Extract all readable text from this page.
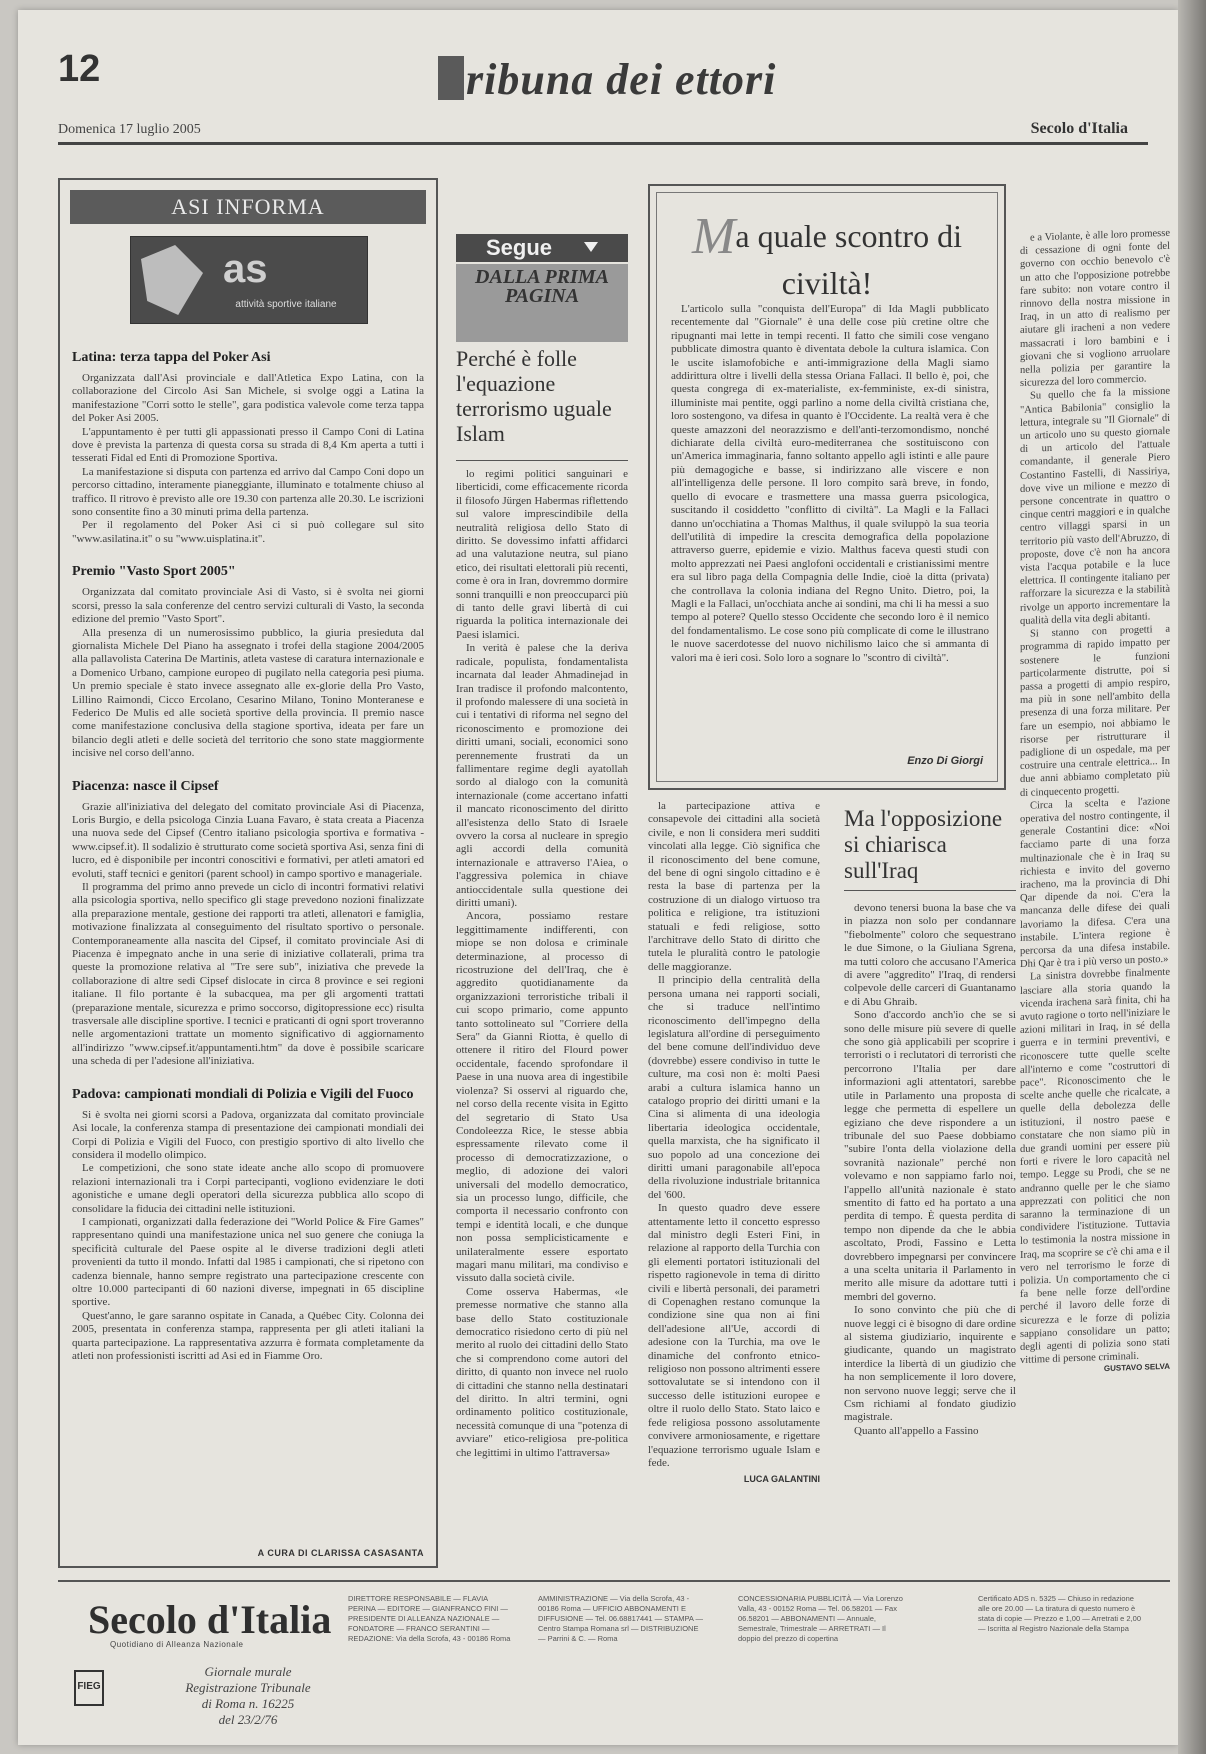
12	ribuna dei ettori
Domenica 17 luglio 2005	Secolo d'Italia
ASI INFORMA
as
attività sportive italiane
Latina: terza tappa del Poker Asi

Organizzata dall'Asi provinciale e dall'Atletica Expo Latina, con la collaborazione del Circolo Asi San Michele, si svolge oggi a Latina la manifestazione "Corri sotto le stelle", gara podistica valevole come terza tappa del Poker Asi 2005.

L'appuntamento è per tutti gli appassionati presso il Campo Coni di Latina dove è prevista la partenza di questa corsa su strada di 8,4 Km aperta a tutti i tesserati Fidal ed Enti di Promozione Sportiva.

La manifestazione si disputa con partenza ed arrivo dal Campo Coni dopo un percorso cittadino, interamente pianeggiante, illuminato e totalmente chiuso al traffico. Il ritrovo è previsto alle ore 19.30 con partenza alle 20.30. Le iscrizioni sono consentite fino a 30 minuti prima della partenza.

Per il regolamento del Poker Asi ci si può collegare sul sito "www.asilatina.it" o su "www.uisplatina.it".

Premio "Vasto Sport 2005"

Organizzata dal comitato provinciale Asi di Vasto, si è svolta nei giorni scorsi, presso la sala conferenze del centro servizi culturali di Vasto, la seconda edizione del premio "Vasto Sport".

Alla presenza di un numerosissimo pubblico, la giuria presieduta dal giornalista Michele Del Piano ha assegnato i trofei della stagione 2004/2005 alla pallavolista Caterina De Martinis, atleta vastese di caratura internazionale e a Domenico Urbano, campione europeo di pugilato nella categoria pesi piuma. Un premio speciale è stato invece assegnato alle ex-glorie della Pro Vasto, Lillino Raimondi, Cicco Ercolano, Cesarino Milano, Tonino Monteranese e Federico De Mulis ed alle società sportive della provincia. Il premio nasce come manifestazione conclusiva della stagione sportiva, ideata per fare un bilancio degli atleti e delle società del territorio che sono state maggiormente incisive nel corso dell'anno.

Piacenza: nasce il Cipsef

Grazie all'iniziativa del delegato del comitato provinciale Asi di Piacenza, Loris Burgio, e della psicologa Cinzia Luana Favaro, è stata creata a Piacenza una nuova sede del Cipsef (Centro italiano psicologia sportiva e formativa - www.cipsef.it). Il sodalizio è strutturato come società sportiva Asi, senza fini di lucro, ed è disponibile per incontri conoscitivi e formativi, per atleti amatori ed evoluti, staff tecnici e genitori (parent school) in campo sportivo e manageriale.

Il programma del primo anno prevede un ciclo di incontri formativi relativi alla psicologia sportiva, nello specifico gli stage prevedono nozioni finalizzate alla preparazione mentale, gestione dei rapporti tra atleti, allenatori e famiglia, motivazione finalizzata al conseguimento del risultato sportivo o personale. Contemporaneamente alla nascita del Cipsef, il comitato provinciale Asi di Piacenza è impegnato anche in una serie di iniziative collaterali, prima tra queste la promozione relativa al "Tre sere sub", iniziativa che prevede la collaborazione di altre sedi Cipsef dislocate in circa 8 province e sei regioni italiane. Il filo portante è la subacquea, ma per gli argomenti trattati (preparazione mentale, sicurezza e primo soccorso, digitopressione ecc) risulta trasversale alle discipline sportive. I tecnici e praticanti di ogni sport troveranno nelle argomentazioni trattate un momento significativo di aggiornamento all'indirizzo "www.cipsef.it/appuntamenti.htm" da dove è possibile scaricare una scheda di per l'adesione all'iniziativa.

Padova: campionati mondiali di Polizia e Vigili del Fuoco

Si è svolta nei giorni scorsi a Padova, organizzata dal comitato provinciale Asi locale, la conferenza stampa di presentazione dei campionati mondiali dei Corpi di Polizia e Vigili del Fuoco, con prestigio sportivo di alto livello che considera il modello olimpico.

Le competizioni, che sono state ideate anche allo scopo di promuovere relazioni internazionali tra i Corpi partecipanti, vogliono evidenziare le doti agonistiche e umane degli operatori della sicurezza pubblica allo scopo di consolidare la fiducia dei cittadini nelle istituzioni.

I campionati, organizzati dalla federazione dei "World Police & Fire Games" rappresentano quindi una manifestazione unica nel suo genere che coniuga la specificità culturale del Paese ospite al le diverse tradizioni degli atleti provenienti da tutto il mondo. Infatti dal 1985 i campionati, che si ripetono con cadenza biennale, hanno sempre registrato una partecipazione crescente con oltre 10.000 partecipanti di 60 nazioni diverse, impegnati in 65 discipline sportive.

Quest'anno, le gare saranno ospitate in Canada, a Québec City. Colonna dei 2005, presentata in conferenza stampa, rappresenta per gli atleti italiani la quarta partecipazione. La rappresentativa azzurra è formata completamente da atleti non professionisti iscritti ad Asi ed in Fiamme Oro.

A CURA DI CLARISSA CASASANTA
Segue
DALLA PRIMA PAGINA
Perché è folle l'equazione terrorismo uguale Islam

lo regimi politici sanguinari e liberticidi, come efficacemente ricorda il filosofo Jürgen Habermas riflettendo sul valore imprescindibile della neutralità religiosa dello Stato di diritto. Se dovessimo infatti affidarci ad una valutazione neutra, sul piano etico, dei risultati elettorali più recenti, come è ora in Iran, dovremmo dormire sonni tranquilli e non preoccuparci più di tanto delle gravi libertà di cui riguarda la politica internazionale dei Paesi islamici.

In verità è palese che la deriva radicale, populista, fondamentalista incarnata dal leader Ahmadinejad in Iran tradisce il profondo malcontento, il profondo malessere di una società in cui i tentativi di riforma nel segno del riconoscimento e promozione dei diritti umani, sociali, economici sono perennemente frustrati da un fallimentare regime degli ayatollah sordo al dialogo con la comunità internazionale (come accertano infatti il mancato riconoscimento del diritto all'esistenza dello Stato di Israele ovvero la corsa al nucleare in spregio agli accordi della comunità internazionale e attraverso l'Aiea, o l'aggressiva polemica in chiave antioccidentale sulla questione dei diritti umani).

Ancora, possiamo restare leggittimamente indifferenti, con miope se non dolosa e criminale determinazione, al processo di ricostruzione del dell'Iraq, che è aggredito quotidianamente da organizzazioni terroristiche tribali il cui scopo primario, come appunto tanto sottolineato sul "Corriere della Sera" da Gianni Riotta, è quello di ottenere il ritiro del Flourd power occidentale, facendo sprofondare il Paese in una nuova area di ingestibile violenza? Si osservi al riguardo che, nel corso della recente visita in Egitto del segretario di Stato Usa Condoleezza Rice, le stesse abbia espressamente rilevato come il processo di democratizzazione, o meglio, di adozione dei valori universali del modello democratico, sia un processo lungo, difficile, che comporta il necessario confronto con tempi e identità locali, e che dunque non possa semplicisticamente e unilateralmente essere esportato magari manu militari, ma condiviso e vissuto dalla società civile.

Come osserva Habermas, «le premesse normative che stanno alla base dello Stato costituzionale democratico risiedono certo di più nel merito al ruolo dei cittadini dello Stato che si comprendono come autori del diritto, di quanto non invece nel ruolo di cittadini che stanno nella destinatari del diritto. In altri termini, ogni ordinamento politico costituzionale, necessità comunque di una "potenza di avviare" etico-religiosa pre-politica che legittimi in ultimo l'attraversa»

Ma quale scontro di civiltà!

L'articolo sulla "conquista dell'Europa" di Ida Magli pubblicato recentemente dal "Giornale" è una delle cose più cretine oltre che ripugnanti mai lette in tempi recenti. Il fatto che simili cose vengano pubblicate dimostra quanto è diventata debole la cultura islamica. Con le uscite islamofobiche e anti-immigrazione della Magli siamo addirittura oltre i livelli della stessa Oriana Fallaci. Il bello è, poi, che questa congrega di ex-materialiste, ex-femministe, ex-di sinistra, illuministe mai pentite, oggi parlino a nome della civiltà cristiana che, loro sostengono, va difesa in quanto è l'Occidente. La realtà vera è che queste amazzoni del neorazzismo e dell'anti-terzomondismo, nonché dichiarate della civiltà euro-mediterranea che sostituiscono con un'America immaginaria, fanno soltanto appello agli istinti e alle paure più demagogiche e basse, si indirizzano alle viscere e non all'intelligenza delle persone. Il loro compito sarà breve, in fondo, quello di evocare e trasmettere una massa guerra psicologica, suscitando il cosiddetto "conflitto di civiltà". La Magli e la Fallaci danno un'occhiatina a Thomas Malthus, il quale sviluppò la sua teoria dell'utilità di impedire la crescita demografica della popolazione attraverso guerre, epidemie e vizio. Malthus faceva questi studi con molto apprezzati nei Paesi anglofoni occidentali e cristianissimi mentre era sul libro paga della Compagnia delle Indie, cioè la ditta (privata) che controllava la colonia indiana del Regno Unito. Dietro, poi, la Magli e la Fallaci, un'occhiata anche ai sondini, ma chi li ha messi a suo tempo al potere? Quello stesso Occidente che secondo loro è il nemico del fondamentalismo. Le cose sono più complicate di come le illustrano le nuove sacerdotesse del nuovo nichilismo laico che si ammanta di valori ma è ieri così. Solo loro a sognare lo "scontro di civiltà".

Enzo Di Giorgi

la partecipazione attiva e consapevole dei cittadini alla società civile, e non li considera meri sudditi vincolati alla legge. Ciò significa che il riconoscimento del bene comune, del bene di ogni singolo cittadino e è resta la base di partenza per la costruzione di un dialogo virtuoso tra politica e religione, tra istituzioni statuali e fedi religiose, sotto l'architrave dello Stato di diritto che tutela le pluralità contro le patologie delle maggioranze.

Il principio della centralità della persona umana nei rapporti sociali, che si traduce nell'intimo riconoscimento dell'impegno della legislatura all'ordine di perseguimento del bene comune dell'individuo deve (dovrebbe) essere condiviso in tutte le culture, ma così non è: molti Paesi arabi a cultura islamica hanno un catalogo proprio dei diritti umani e la Cina si alimenta di una ideologia libertaria ideologica occidentale, quella marxista, che ha significato il suo popolo ad una concezione dei diritti umani paragonabile all'epoca della rivoluzione industriale britannica del '600.

In questo quadro deve essere attentamente letto il concetto espresso dal ministro degli Esteri Fini, in relazione al rapporto della Turchia con gli elementi portatori istituzionali del rispetto ragionevole in tema di diritto civili e libertà personali, dei parametri di Copenaghen restano comunque la condizione sine qua non ai fini dell'adesione all'Ue, accordi di adesione con la Turchia, ma ove le dinamiche del confronto etnico-religioso non possono altrimenti essere sottovalutate se si intendono con il successo delle istituzioni europee e oltre il ruolo dello Stato. Stato laico e fede religiosa possono assolutamente convivere armoniosamente, e rigettare l'equazione terrorismo uguale Islam e fede.

LUCA GALANTINI

Ma l'opposizione si chiarisca sull'Iraq

devono tenersi buona la base che va in piazza non solo per condannare "fiebolmente" coloro che sequestrano le due Simone, o la Giuliana Sgrena, ma tutti coloro che accusano l'America di avere "aggredito" l'Iraq, di rendersi colpevole delle carceri di Guantanamo e di Abu Ghraib.

Sono d'accordo anch'io che se si sono delle misure più severe di quelle che sono già applicabili per scoprire i terroristi o i reclutatori di terroristi che percorrono l'Italia per dare informazioni agli attentatori, sarebbe utile in Parlamento una proposta di legge che permetta di espellere un egiziano che deve rispondere a un tribunale del suo Paese dobbiamo "subire l'onta della violazione della sovranità nazionale" perché non volevamo e non sappiamo farlo noi, l'appello all'unità nazionale è stato smentito di fatto ed ha portato a una perdita di tempo. È questa perdita di tempo non dipende da che le abbia ascoltato, Prodi, Fassino e Letta dovrebbero impegnarsi per convincere a una scelta unitaria il Parlamento in merito alle misure da adottare tutti i membri del governo.

Io sono convinto che più che di nuove leggi ci è bisogno di dare ordine al sistema giudiziario, inquirente e giudicante, quando un magistrato interdice la libertà di un giudizio che ha non semplicemente il loro dovere, non servono nuove leggi; serve che il Csm richiami al fondato giudizio magistrale.

Quanto all'appello a Fassino

e a Violante, è alle loro promesse di cessazione di ogni fonte del governo con occhio benevolo c'è un atto che l'opposizione potrebbe fare subito: non votare contro il rinnovo della nostra missione in Iraq, in un atto di realismo per aiutare gli iracheni a non vedere massacrati i loro bambini e i giovani che si vogliono arruolare nella polizia per garantire la sicurezza del loro commercio.

Su quello che fa la missione "Antica Babilonia" consiglio la lettura, integrale su "Il Giornale" di un articolo uno su questo giornale di un articolo del l'attuale comandante, il generale Piero Costantino Fastelli, di Nassiriya, dove vive un milione e mezzo di persone concentrate in quattro o cinque centri maggiori e in qualche centro villaggi sparsi in un territorio più vasto dell'Abruzzo, di proposte, dove c'è non ha ancora vista l'acqua potabile e la luce elettrica. Il contingente italiano per rafforzare la sicurezza e la stabilità rivolge un apporto incrementare la qualità della vita degli abitanti.

Si stanno con progetti a programma di rapido impatto per sostenere le funzioni particolarmente distrutte, poi si passa a progetti di ampio respiro, ma più in sone nell'ambito della presenza di una forza militare. Per fare un esempio, noi abbiamo le risorse per ristrutturare il padiglione di un ospedale, ma per costruire una centrale elettrica... In due anni abbiamo completato più di cinquecento progetti.

Circa la scelta e l'azione operativa del nostro contingente, il generale Costantini dice: «Noi facciamo parte di una forza multinazionale che è in Iraq su richiesta e invito del governo iracheno, ma la provincia di Dhi Qar dipende da noi. C'era la mancanza delle difese dei quali lavoriamo la difesa. C'era una instabile. L'intera regione è percorsa da una difesa instabile. Dhi Qar è tra i più verso un posto.»

La sinistra dovrebbe finalmente lasciare alla storia quando la vicenda irachena sarà finita, chi ha avuto ragione o torto nell'iniziare le azioni militari in Iraq, in sé della guerra e in termini preventivi, e riconoscere tutte quelle scelte all'interno e come "costruttori di pace". Riconoscimento che le scelte anche quelle che ricalcate, a quelle della debolezza delle istituzioni, il nostro paese e constatare che non siamo più in due grandi uomini per essere più forti e rivere le loro capacità nel tempo. Legge su Prodi, che se ne andranno quelle per le che siamo apprezzati con politici che non saranno la terminazione di un condividere l'istituzione. Tuttavia lo testimonia la nostra missione in Iraq, ma scoprire se c'è chi ama e il vero nel terrorismo le forze di polizia. Un comportamento che ci fa bene nelle forze dell'ordine perché il lavoro delle forze di sicurezza e le forze di polizia sappiano consolidare un patto; degli agenti di polizia sono stati vittime di persone criminali.

GUSTAVO SELVA

Secolo d'Italia
Quotidiano di Alleanza Nazionale
FIEG
Giornale murale
Registrazione Tribunale
di Roma n. 16225
del 23/2/76
DIRETTORE RESPONSABILE — FLAVIA PERINA — EDITORE — GIANFRANCO FINI — PRESIDENTE DI ALLEANZA NAZIONALE — FONDATORE — FRANCO SERANTINI — REDAZIONE: Via della Scrofa, 43 - 00186 Roma
AMMINISTRAZIONE — Via della Scrofa, 43 - 00186 Roma — UFFICIO ABBONAMENTI E DIFFUSIONE — Tel. 06.68817441 — STAMPA — Centro Stampa Romana srl — DISTRIBUZIONE — Parrini & C. — Roma
CONCESSIONARIA PUBBLICITÀ — Via Lorenzo Valla, 43 - 00152 Roma — Tel. 06.58201 — Fax 06.58201 — ABBONAMENTI — Annuale, Semestrale, Trimestrale — ARRETRATI — Il doppio del prezzo di copertina
Certificato ADS n. 5325 — Chiuso in redazione alle ore 20.00 — La tiratura di questo numero è stata di copie — Prezzo e 1,00 — Arretrati e 2,00 — Iscritta al Registro Nazionale della Stampa
